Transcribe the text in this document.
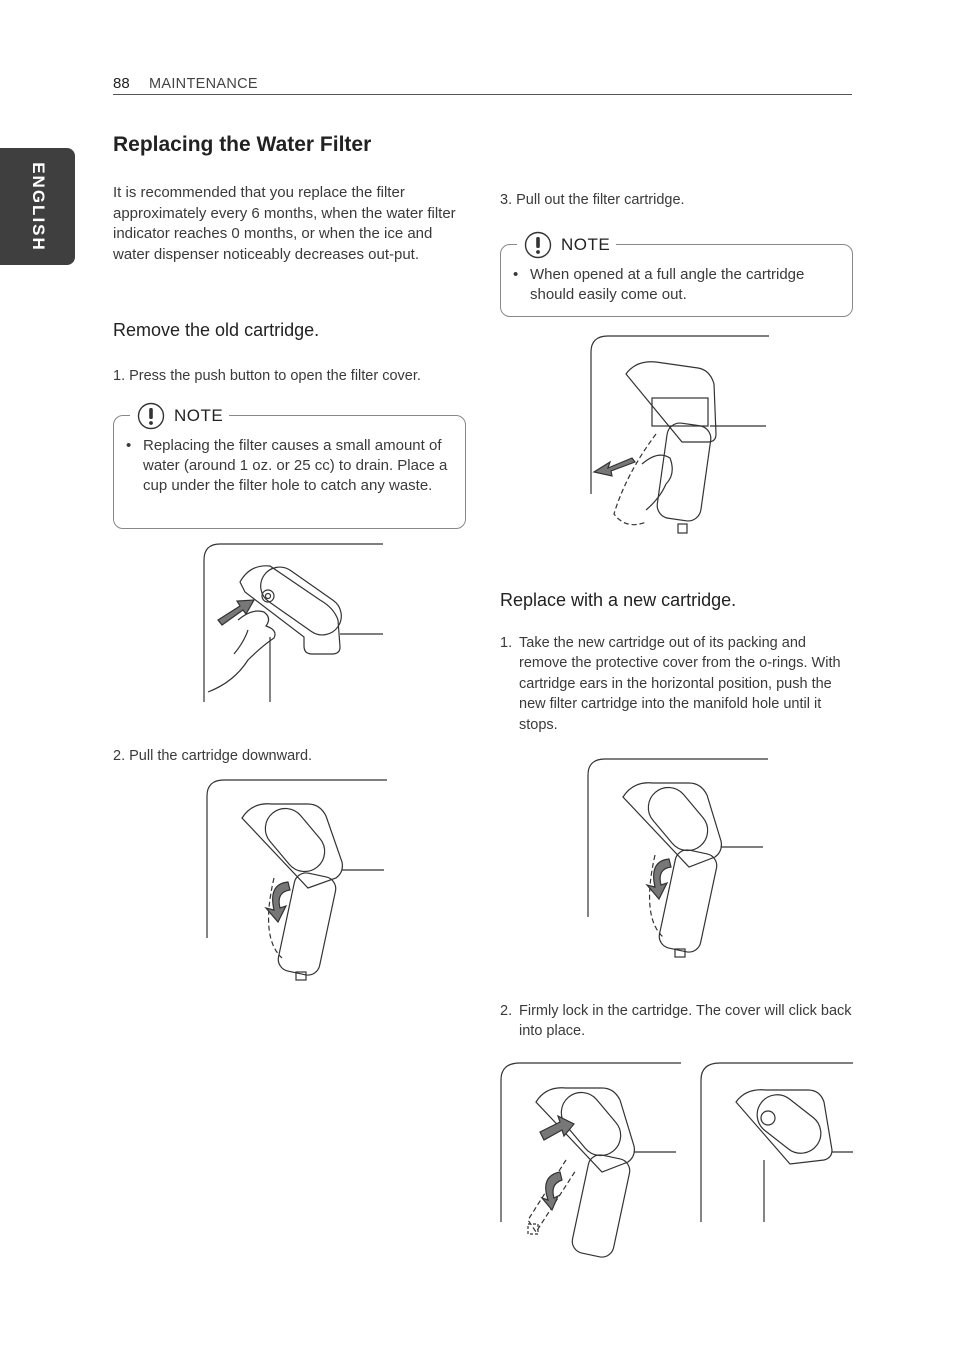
88 MAINTENANCE
ENGLISH
Replacing the Water Filter
It is recommended that you replace the filter approximately every 6 months, when the water filter indicator reaches 0 months, or when the ice and water dispenser noticeably decreases out-put.
Remove the old cartridge.
1. Press the push button to open the filter cover.
NOTE
• Replacing the filter causes a small amount of water (around 1 oz. or 25 cc) to drain. Place a cup under the filter hole to catch any waste.
2. Pull the cartridge downward.
3. Pull out the filter cartridge.
NOTE
• When opened at a full angle the cartridge should easily come out.
Replace with a new cartridge.
1. Take the new cartridge out of its packing and remove the protective cover from the o-rings. With cartridge ears in the horizontal position, push the new filter cartridge into the manifold hole until it stops.
2. Firmly lock in the cartridge. The cover will click back into place.
